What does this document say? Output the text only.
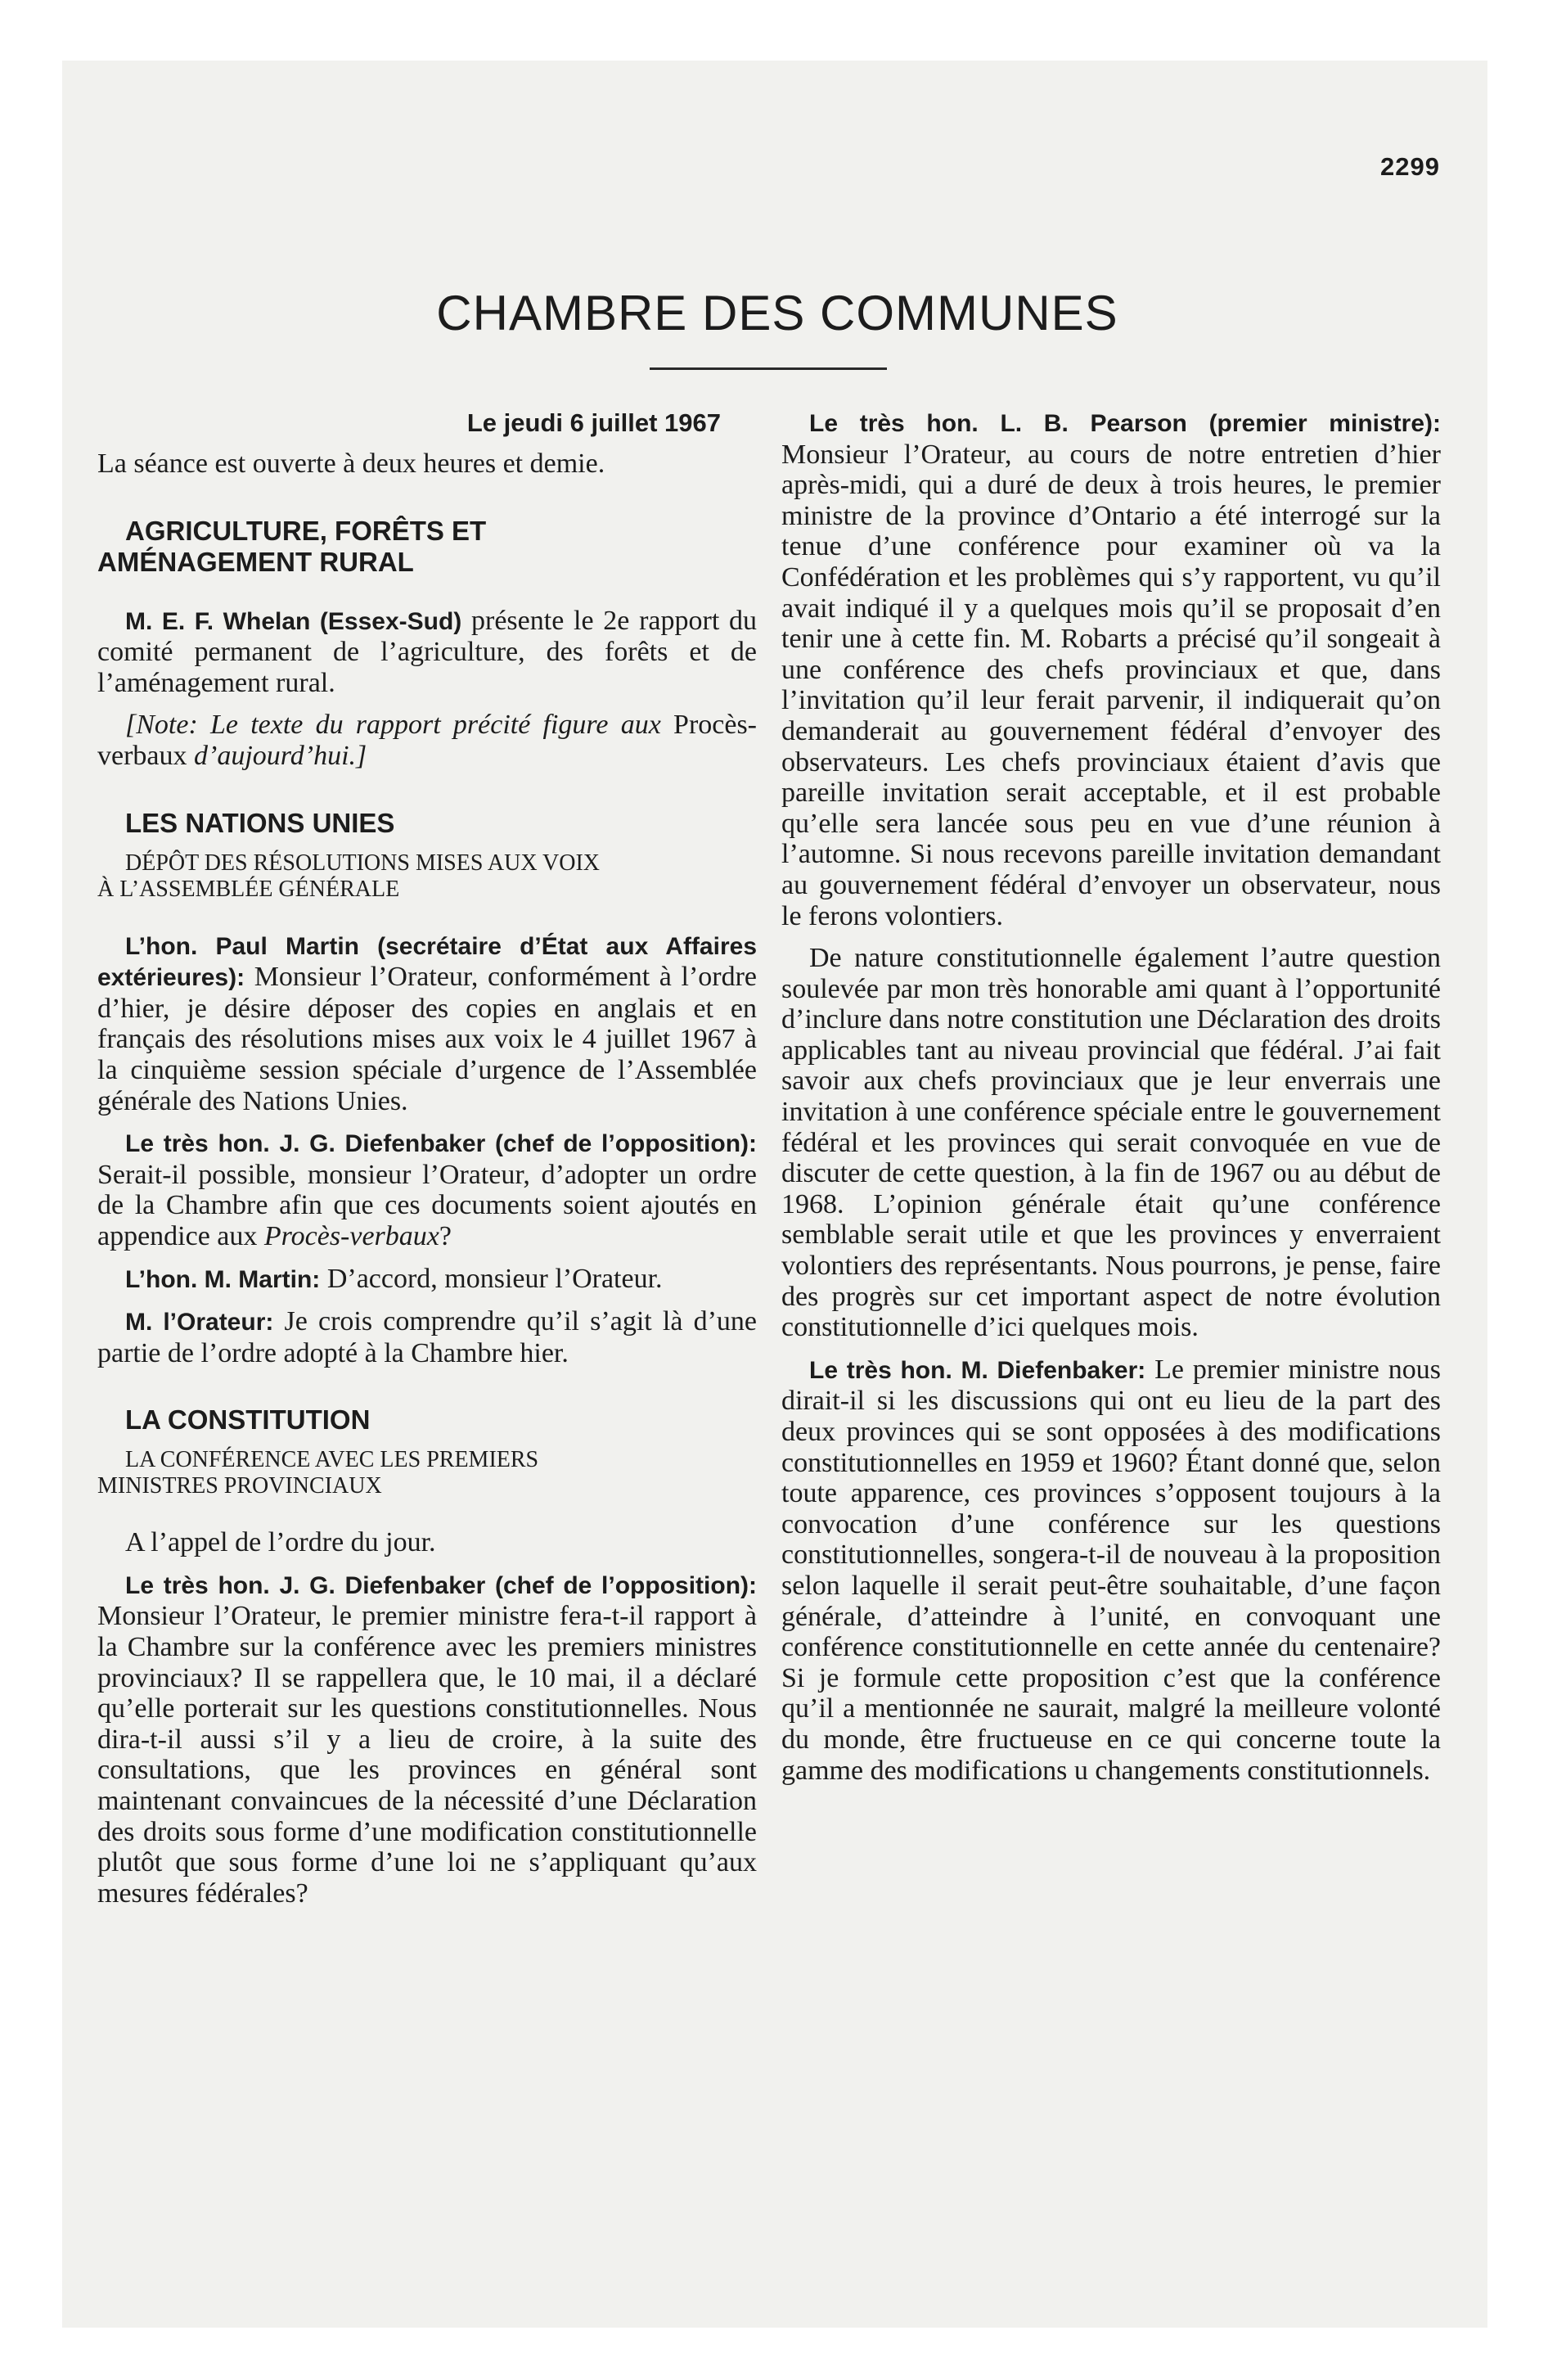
2299
CHAMBRE DES COMMUNES
Le jeudi 6 juillet 1967

La séance est ouverte à deux heures et demie.

AGRICULTURE, FORÊTS ET
AMÉNAGEMENT RURAL

M. E. F. Whelan (Essex-Sud) présente le 2e rapport du comité permanent de l’agriculture, des forêts et de l’aménagement rural.

[Note: Le texte du rapport précité figure aux Procès-verbaux d’aujourd’hui.]

LES NATIONS UNIES

DÉPÔT DES RÉSOLUTIONS MISES AUX VOIX
À L’ASSEMBLÉE GÉNÉRALE

L’hon. Paul Martin (secrétaire d’État aux Affaires extérieures): Monsieur l’Orateur, conformément à l’ordre d’hier, je désire déposer des copies en anglais et en français des résolutions mises aux voix le 4 juillet 1967 à la cinquième session spéciale d’urgence de l’Assemblée générale des Nations Unies.

Le très hon. J. G. Diefenbaker (chef de l’opposition): Serait-il possible, monsieur l’Orateur, d’adopter un ordre de la Chambre afin que ces documents soient ajoutés en appendice aux Procès-verbaux?

L’hon. M. Martin: D’accord, monsieur l’Orateur.

M. l’Orateur: Je crois comprendre qu’il s’agit là d’une partie de l’ordre adopté à la Chambre hier.

LA CONSTITUTION

LA CONFÉRENCE AVEC LES PREMIERS
MINISTRES PROVINCIAUX

A l’appel de l’ordre du jour.

Le très hon. J. G. Diefenbaker (chef de l’opposition): Monsieur l’Orateur, le premier ministre fera-t-il rapport à la Chambre sur la conférence avec les premiers ministres provinciaux? Il se rappellera que, le 10 mai, il a déclaré qu’elle porterait sur les questions constitutionnelles. Nous dira-t-il aussi s’il y a lieu de croire, à la suite des consultations, que les provinces en général sont maintenant convaincues de la nécessité d’une Déclaration des droits sous forme d’une modification constitutionnelle plutôt que sous forme d’une loi ne s’appliquant qu’aux mesures fédérales?

Le très hon. L. B. Pearson (premier ministre): Monsieur l’Orateur, au cours de notre entretien d’hier après-midi, qui a duré de deux à trois heures, le premier ministre de la province d’Ontario a été interrogé sur la tenue d’une conférence pour examiner où va la Confédération et les problèmes qui s’y rapportent, vu qu’il avait indiqué il y a quelques mois qu’il se proposait d’en tenir une à cette fin. M. Robarts a précisé qu’il songeait à une conférence des chefs provinciaux et que, dans l’invitation qu’il leur ferait parvenir, il indiquerait qu’on demanderait au gouvernement fédéral d’envoyer des observateurs. Les chefs provinciaux étaient d’avis que pareille invitation serait acceptable, et il est probable qu’elle sera lancée sous peu en vue d’une réunion à l’automne. Si nous recevons pareille invitation demandant au gouvernement fédéral d’envoyer un observateur, nous le ferons volontiers.

De nature constitutionnelle également l’autre question soulevée par mon très honorable ami quant à l’opportunité d’inclure dans notre constitution une Déclaration des droits applicables tant au niveau provincial que fédéral. J’ai fait savoir aux chefs provinciaux que je leur enverrais une invitation à une conférence spéciale entre le gouvernement fédéral et les provinces qui serait convoquée en vue de discuter de cette question, à la fin de 1967 ou au début de 1968. L’opinion générale était qu’une conférence semblable serait utile et que les provinces y enverraient volontiers des représentants. Nous pourrons, je pense, faire des progrès sur cet important aspect de notre évolution constitutionnelle d’ici quelques mois.

Le très hon. M. Diefenbaker: Le premier ministre nous dirait-il si les discussions qui ont eu lieu de la part des deux provinces qui se sont opposées à des modifications constitutionnelles en 1959 et 1960? Étant donné que, selon toute apparence, ces provinces s’opposent toujours à la convocation d’une conférence sur les questions constitutionnelles, songera-t-il de nouveau à la proposition selon laquelle il serait peut-être souhaitable, d’une façon générale, d’atteindre à l’unité, en convoquant une conférence constitutionnelle en cette année du centenaire? Si je formule cette proposition c’est que la conférence qu’il a mentionnée ne saurait, malgré la meilleure volonté du monde, être fructueuse en ce qui concerne toute la gamme des modifications u changements constitutionnels.
